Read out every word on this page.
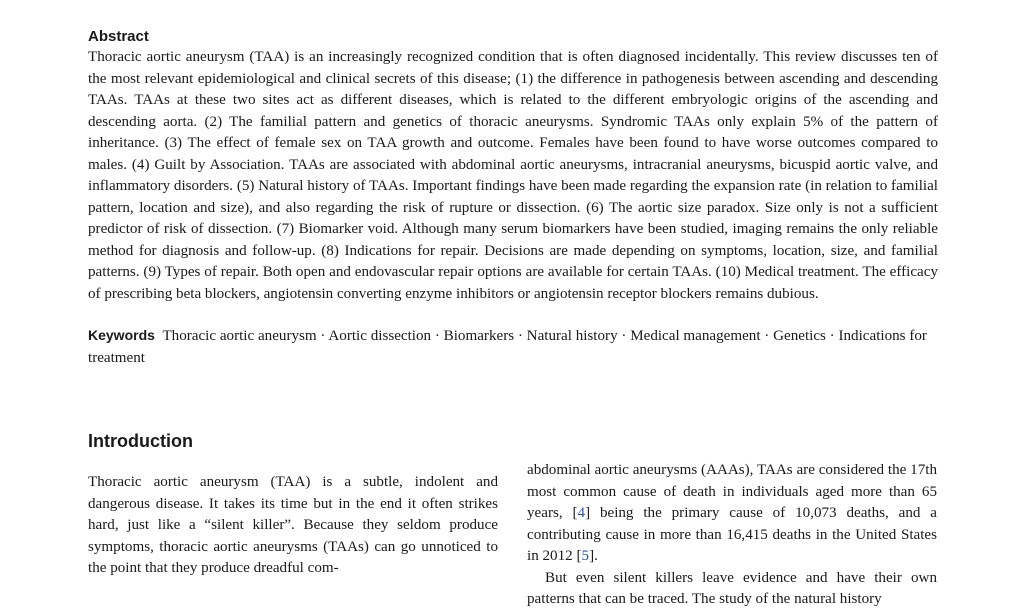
Abstract

Thoracic aortic aneurysm (TAA) is an increasingly recognized condition that is often diagnosed incidentally. This review discusses ten of the most relevant epidemiological and clinical secrets of this disease; (1) the difference in pathogenesis between ascending and descending TAAs. TAAs at these two sites act as different diseases, which is related to the different embryologic origins of the ascending and descending aorta. (2) The familial pattern and genetics of thoracic aneurysms. Syndromic TAAs only explain 5% of the pattern of inheritance. (3) The effect of female sex on TAA growth and outcome. Females have been found to have worse outcomes compared to males. (4) Guilt by Association. TAAs are associated with abdominal aortic aneurysms, intracranial aneurysms, bicuspid aortic valve, and inflammatory disorders. (5) Natural history of TAAs. Important findings have been made regarding the expansion rate (in relation to familial pattern, location and size), and also regarding the risk of rupture or dissection. (6) The aortic size paradox. Size only is not a sufficient predictor of risk of dissection. (7) Biomarker void. Although many serum biomarkers have been studied, imaging remains the only reliable method for diagnosis and follow-up. (8) Indications for repair. Decisions are made depending on symptoms, location, size, and familial patterns. (9) Types of repair. Both open and endovascular repair options are available for certain TAAs. (10) Medical treatment. The efficacy of prescribing beta blockers, angiotensin converting enzyme inhibitors or angiotensin receptor blockers remains dubious.

Keywords Thoracic aortic aneurysm · Aortic dissection · Biomarkers · Natural history · Medical management · Genetics · Indications for treatment
Introduction

Thoracic aortic aneurysm (TAA) is a subtle, indolent and dangerous disease. It takes its time but in the end it often strikes hard, just like a “silent killer”. Because they seldom produce symptoms, thoracic aortic aneurysms (TAAs) can go unnoticed to the point that they produce dreadful com-

abdominal aortic aneurysms (AAAs), TAAs are considered the 17th most common cause of death in individuals aged more than 65 years, [4] being the primary cause of 10,073 deaths, and a contributing cause in more than 16,415 deaths in the United States in 2012 [5].

But even silent killers leave evidence and have their own patterns that can be traced. The study of the natural history
